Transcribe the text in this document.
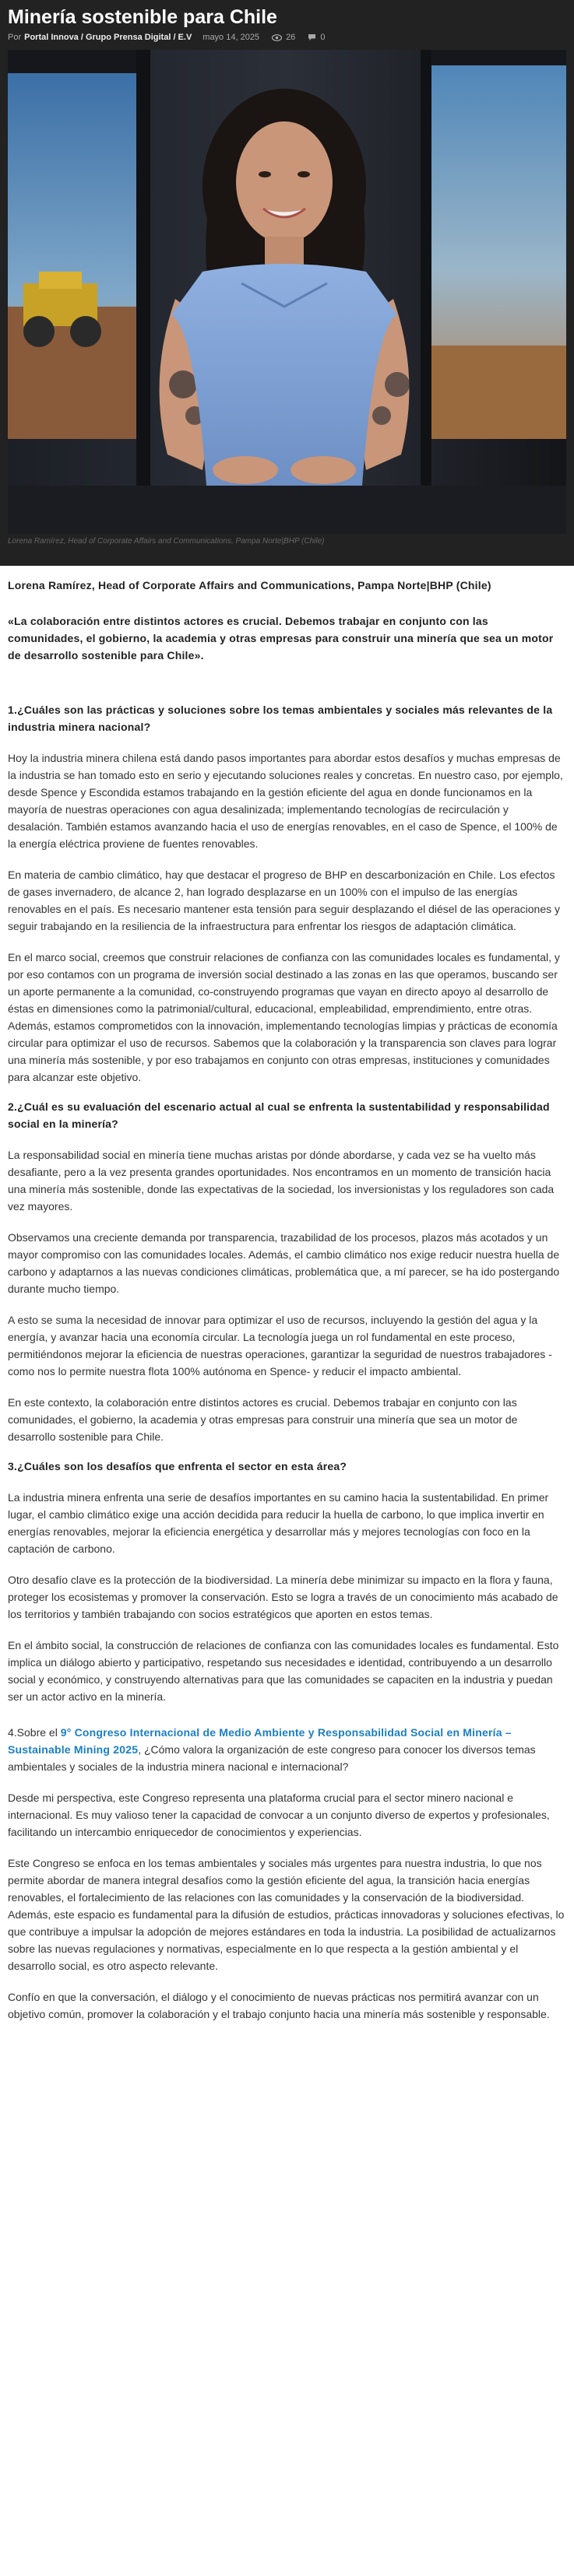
Minería sostenible para Chile
Por Portal Innova / Grupo Prensa Digital / E.V mayo 14, 2025	26	0
Lorena Ramírez, Head of Corporate Affairs and Communications, Pampa Norte|BHP (Chile)

Lorena Ramírez, Head of Corporate Affairs and Communications, Pampa Norte|BHP (Chile)

«La colaboración entre distintos actores es crucial. Debemos trabajar en conjunto con las comunidades, el gobierno, la academia y otras empresas para construir una minería que sea un motor de desarrollo sostenible para Chile».

1.¿Cuáles son las prácticas y soluciones sobre los temas ambientales y sociales más relevantes de la industria minera nacional?

Hoy la industria minera chilena está dando pasos importantes para abordar estos desafíos y muchas empresas de la industria se han tomado esto en serio y ejecutando soluciones reales y concretas. En nuestro caso, por ejemplo, desde Spence y Escondida estamos trabajando en la gestión eficiente del agua en donde funcionamos en la mayoría de nuestras operaciones con agua desalinizada; implementando tecnologías de recirculación y desalación. También estamos avanzando hacia el uso de energías renovables, en el caso de Spence, el 100% de la energía eléctrica proviene de fuentes renovables.

En materia de cambio climático, hay que destacar el progreso de BHP en descarbonización en Chile. Los efectos de gases invernadero, de alcance 2, han logrado desplazarse en un 100% con el impulso de las energías renovables en el país. Es necesario mantener esta tensión para seguir desplazando el diésel de las operaciones y seguir trabajando en la resiliencia de la infraestructura para enfrentar los riesgos de adaptación climática.

En el marco social, creemos que construir relaciones de confianza con las comunidades locales es fundamental, y por eso contamos con un programa de inversión social destinado a las zonas en las que operamos, buscando ser un aporte permanente a la comunidad, co-construyendo programas que vayan en directo apoyo al desarrollo de éstas en dimensiones como la patrimonial/cultural, educacional, empleabilidad, emprendimiento, entre otras. Además, estamos comprometidos con la innovación, implementando tecnologías limpias y prácticas de economía circular para optimizar el uso de recursos. Sabemos que la colaboración y la transparencia son claves para lograr una minería más sostenible, y por eso trabajamos en conjunto con otras empresas, instituciones y comunidades para alcanzar este objetivo.

2.¿Cuál es su evaluación del escenario actual al cual se enfrenta la sustentabilidad y responsabilidad social en la minería?

La responsabilidad social en minería tiene muchas aristas por dónde abordarse, y cada vez se ha vuelto más desafiante, pero a la vez presenta grandes oportunidades. Nos encontramos en un momento de transición hacia una minería más sostenible, donde las expectativas de la sociedad, los inversionistas y los reguladores son cada vez mayores.

Observamos una creciente demanda por transparencia, trazabilidad de los procesos, plazos más acotados y un mayor compromiso con las comunidades locales. Además, el cambio climático nos exige reducir nuestra huella de carbono y adaptarnos a las nuevas condiciones climáticas, problemática que, a mí parecer, se ha ido postergando durante mucho tiempo.

A esto se suma la necesidad de innovar para optimizar el uso de recursos, incluyendo la gestión del agua y la energía, y avanzar hacia una economía circular. La tecnología juega un rol fundamental en este proceso, permitiéndonos mejorar la eficiencia de nuestras operaciones, garantizar la seguridad de nuestros trabajadores -como nos lo permite nuestra flota 100% autónoma en Spence- y reducir el impacto ambiental.

En este contexto, la colaboración entre distintos actores es crucial. Debemos trabajar en conjunto con las comunidades, el gobierno, la academia y otras empresas para construir una minería que sea un motor de desarrollo sostenible para Chile.

3.¿Cuáles son los desafíos que enfrenta el sector en esta área?

La industria minera enfrenta una serie de desafíos importantes en su camino hacia la sustentabilidad. En primer lugar, el cambio climático exige una acción decidida para reducir la huella de carbono, lo que implica invertir en energías renovables, mejorar la eficiencia energética y desarrollar más y mejores tecnologías con foco en la captación de carbono.

Otro desafío clave es la protección de la biodiversidad. La minería debe minimizar su impacto en la flora y fauna, proteger los ecosistemas y promover la conservación. Esto se logra a través de un conocimiento más acabado de los territorios y también trabajando con socios estratégicos que aporten en estos temas.

En el ámbito social, la construcción de relaciones de confianza con las comunidades locales es fundamental. Esto implica un diálogo abierto y participativo, respetando sus necesidades e identidad, contribuyendo a un desarrollo social y económico, y construyendo alternativas para que las comunidades se capaciten en la industria y puedan ser un actor activo en la minería.

4.Sobre el 9° Congreso Internacional de Medio Ambiente y Responsabilidad Social en Minería – Sustainable Mining 2025, ¿Cómo valora la organización de este congreso para conocer los diversos temas ambientales y sociales de la industria minera nacional e internacional?

Desde mi perspectiva, este Congreso representa una plataforma crucial para el sector minero nacional e internacional. Es muy valioso tener la capacidad de convocar a un conjunto diverso de expertos y profesionales, facilitando un intercambio enriquecedor de conocimientos y experiencias.

Este Congreso se enfoca en los temas ambientales y sociales más urgentes para nuestra industria, lo que nos permite abordar de manera integral desafíos como la gestión eficiente del agua, la transición hacia energías renovables, el fortalecimiento de las relaciones con las comunidades y la conservación de la biodiversidad. Además, este espacio es fundamental para la difusión de estudios, prácticas innovadoras y soluciones efectivas, lo que contribuye a impulsar la adopción de mejores estándares en toda la industria. La posibilidad de actualizarnos sobre las nuevas regulaciones y normativas, especialmente en lo que respecta a la gestión ambiental y el desarrollo social, es otro aspecto relevante.

Confío en que la conversación, el diálogo y el conocimiento de nuevas prácticas nos permitirá avanzar con un objetivo común, promover la colaboración y el trabajo conjunto hacia una minería más sostenible y responsable.
